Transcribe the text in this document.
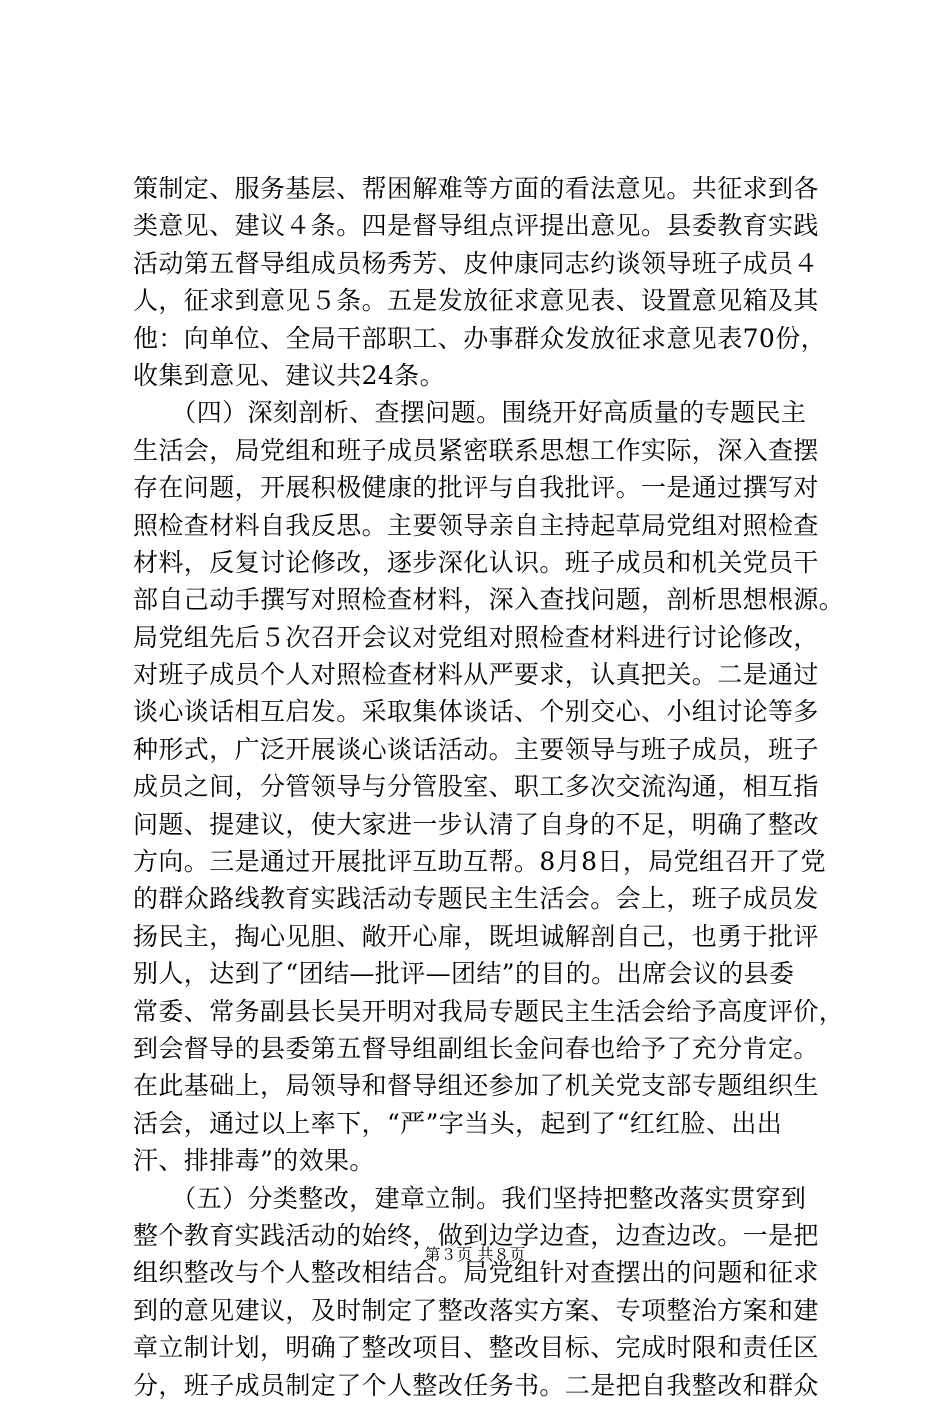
策制定、服务基层、帮困解难等方面的看法意见。共征求到各
类意见、建议４条。四是督导组点评提出意见。县委教育实践
活动第五督导组成员杨秀芳、皮仲康同志约谈领导班子成员４
人，征求到意见５条。五是发放征求意见表、设置意见箱及其
他：向单位、全局干部职工、办事群众发放征求意见表70份，
收集到意见、建议共24条。
　　（四）深刻剖析、查摆问题。围绕开好高质量的专题民主
生活会，局党组和班子成员紧密联系思想工作实际，深入查摆
存在问题，开展积极健康的批评与自我批评。一是通过撰写对
照检查材料自我反思。主要领导亲自主持起草局党组对照检查
材料，反复讨论修改，逐步深化认识。班子成员和机关党员干
部自己动手撰写对照检查材料，深入查找问题，剖析思想根源。
局党组先后５次召开会议对党组对照检查材料进行讨论修改，
对班子成员个人对照检查材料从严要求，认真把关。二是通过
谈心谈话相互启发。采取集体谈话、个别交心、小组讨论等多
种形式，广泛开展谈心谈话活动。主要领导与班子成员，班子
成员之间，分管领导与分管股室、职工多次交流沟通，相互指
问题、提建议，使大家进一步认清了自身的不足，明确了整改
方向。三是通过开展批评互助互帮。8月8日，局党组召开了党
的群众路线教育实践活动专题民主生活会。会上，班子成员发
扬民主，掏心见胆、敞开心扉，既坦诚解剖自己，也勇于批评
别人，达到了“团结—批评—团结”的目的。出席会议的县委
常委、常务副县长吴开明对我局专题民主生活会给予高度评价，
到会督导的县委第五督导组副组长金问春也给予了充分肯定。
在此基础上，局领导和督导组还参加了机关党支部专题组织生
活会，通过以上率下，“严”字当头，起到了“红红脸、出出
汗、排排毒”的效果。
　　（五）分类整改，建章立制。我们坚持把整改落实贯穿到
整个教育实践活动的始终，做到边学边查，边查边改。一是把
组织整改与个人整改相结合。局党组针对查摆出的问题和征求
到的意见建议，及时制定了整改落实方案、专项整治方案和建
章立制计划，明确了整改项目、整改目标、完成时限和责任区
分，班子成员制定了个人整改任务书。二是把自我整改和群众
第３页 共８页
